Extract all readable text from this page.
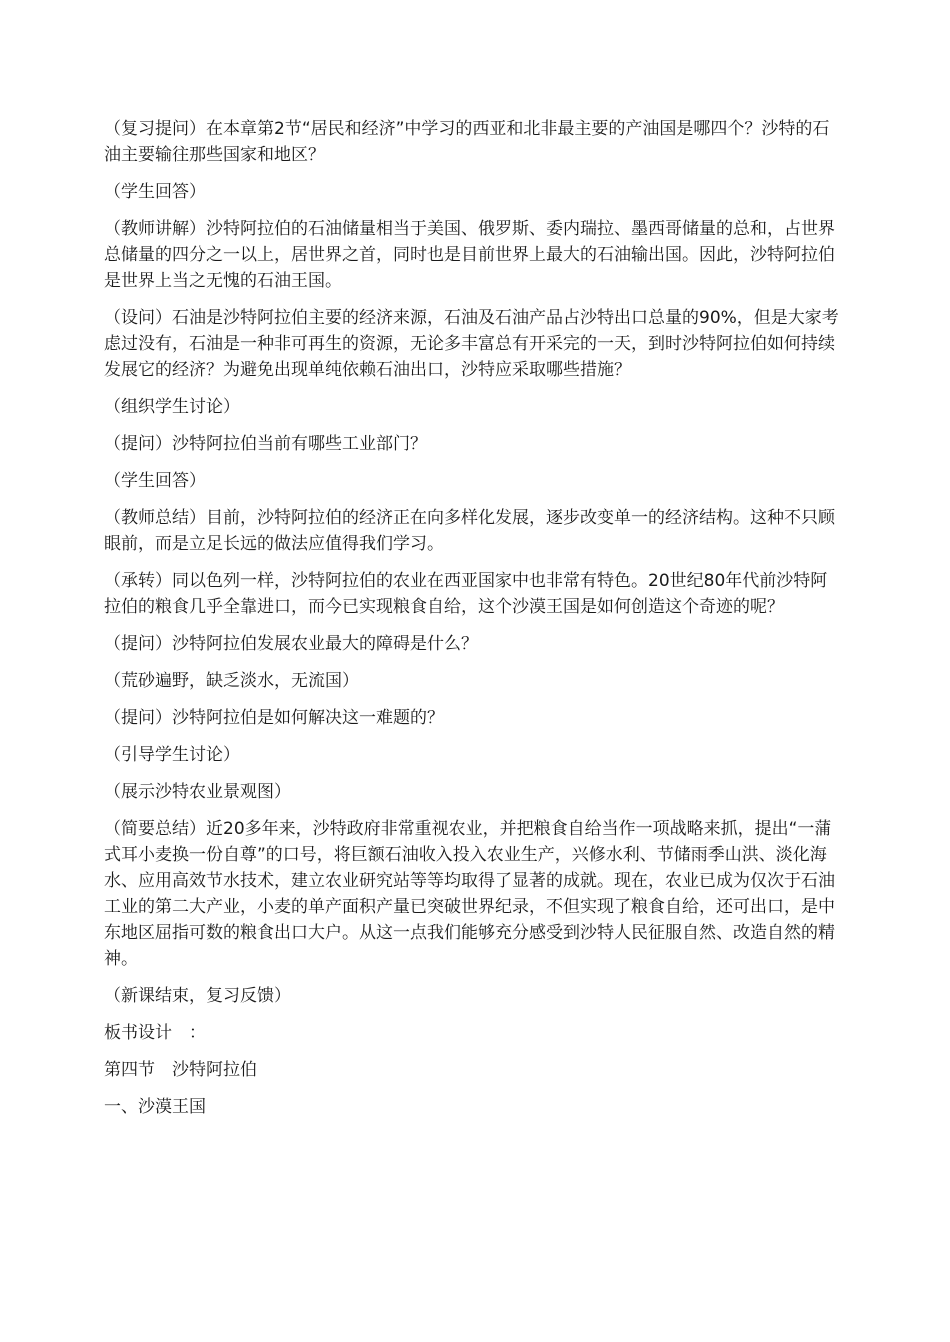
（复习提问）在本章第2节“居民和经济”中学习的西亚和北非最主要的产油国是哪四个？沙特的石油主要输往那些国家和地区？

（学生回答）

（教师讲解）沙特阿拉伯的石油储量相当于美国、俄罗斯、委内瑞拉、墨西哥储量的总和，占世界总储量的四分之一以上，居世界之首，同时也是目前世界上最大的石油输出国。因此，沙特阿拉伯是世界上当之无愧的石油王国。

（设问）石油是沙特阿拉伯主要的经济来源，石油及石油产品占沙特出口总量的90%，但是大家考虑过没有，石油是一种非可再生的资源，无论多丰富总有开采完的一天，到时沙特阿拉伯如何持续发展它的经济？为避免出现单纯依赖石油出口，沙特应采取哪些措施？

（组织学生讨论）

（提问）沙特阿拉伯当前有哪些工业部门？

（学生回答）

（教师总结）目前，沙特阿拉伯的经济正在向多样化发展，逐步改变单一的经济结构。这种不只顾眼前，而是立足长远的做法应值得我们学习。

（承转）同以色列一样，沙特阿拉伯的农业在西亚国家中也非常有特色。20世纪80年代前沙特阿拉伯的粮食几乎全靠进口，而今已实现粮食自给，这个沙漠王国是如何创造这个奇迹的呢？

（提问）沙特阿拉伯发展农业最大的障碍是什么？

（荒砂遍野，缺乏淡水，无流国）

（提问）沙特阿拉伯是如何解决这一难题的？

（引导学生讨论）

（展示沙特农业景观图）

（简要总结）近20多年来，沙特政府非常重视农业，并把粮食自给当作一项战略来抓，提出“一蒲式耳小麦换一份自尊”的口号，将巨额石油收入投入农业生产，兴修水利、节储雨季山洪、淡化海水、应用高效节水技术，建立农业研究站等等均取得了显著的成就。现在，农业已成为仅次于石油工业的第二大产业，小麦的单产面积产量已突破世界纪录，不但实现了粮食自给，还可出口，是中东地区屈指可数的粮食出口大户。从这一点我们能够充分感受到沙特人民征服自然、改造自然的精神。

（新课结束，复习反馈）

板书设计　：

第四节　沙特阿拉伯

一、沙漠王国
